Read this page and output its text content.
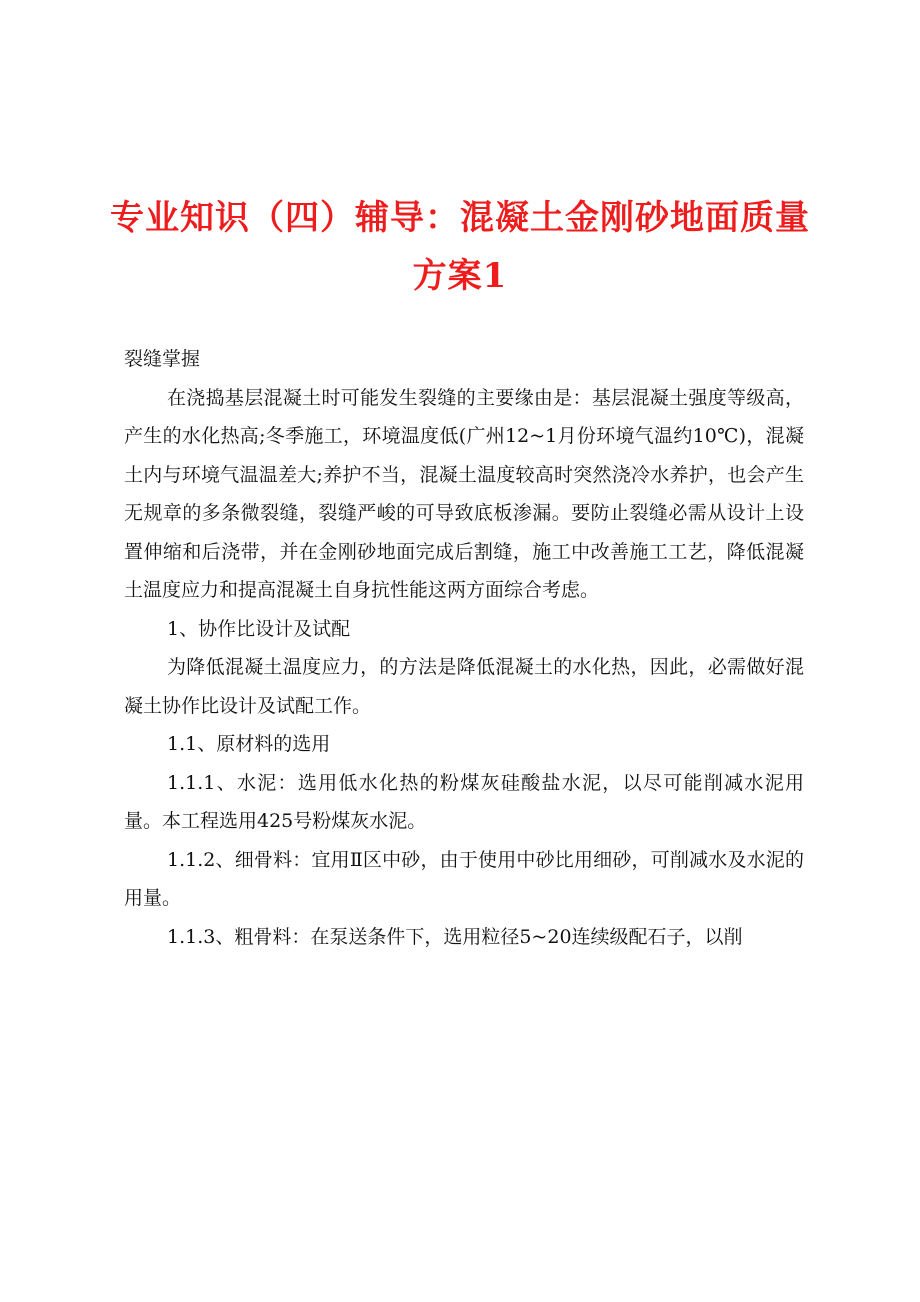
专业知识（四）辅导：混凝土金刚砂地面质量
方案1

裂缝掌握

在浇捣基层混凝土时可能发生裂缝的主要缘由是：基层混凝土强度等级高，产生的水化热高;冬季施工，环境温度低(广州12~1月份环境气温约10℃)，混凝土内与环境气温温差大;养护不当，混凝土温度较高时突然浇冷水养护，也会产生无规章的多条微裂缝，裂缝严峻的可导致底板渗漏。要防止裂缝必需从设计上设置伸缩和后浇带，并在金刚砂地面完成后割缝，施工中改善施工工艺，降低混凝土温度应力和提高混凝土自身抗性能这两方面综合考虑。

1、协作比设计及试配

为降低混凝土温度应力，的方法是降低混凝土的水化热，因此，必需做好混凝土协作比设计及试配工作。

1.1、原材料的选用

1.1.1、水泥：选用低水化热的粉煤灰硅酸盐水泥，以尽可能削减水泥用量。本工程选用425号粉煤灰水泥。

1.1.2、细骨料：宜用Ⅱ区中砂，由于使用中砂比用细砂，可削减水及水泥的用量。

1.1.3、粗骨料：在泵送条件下，选用粒径5~20连续级配石子，以削
